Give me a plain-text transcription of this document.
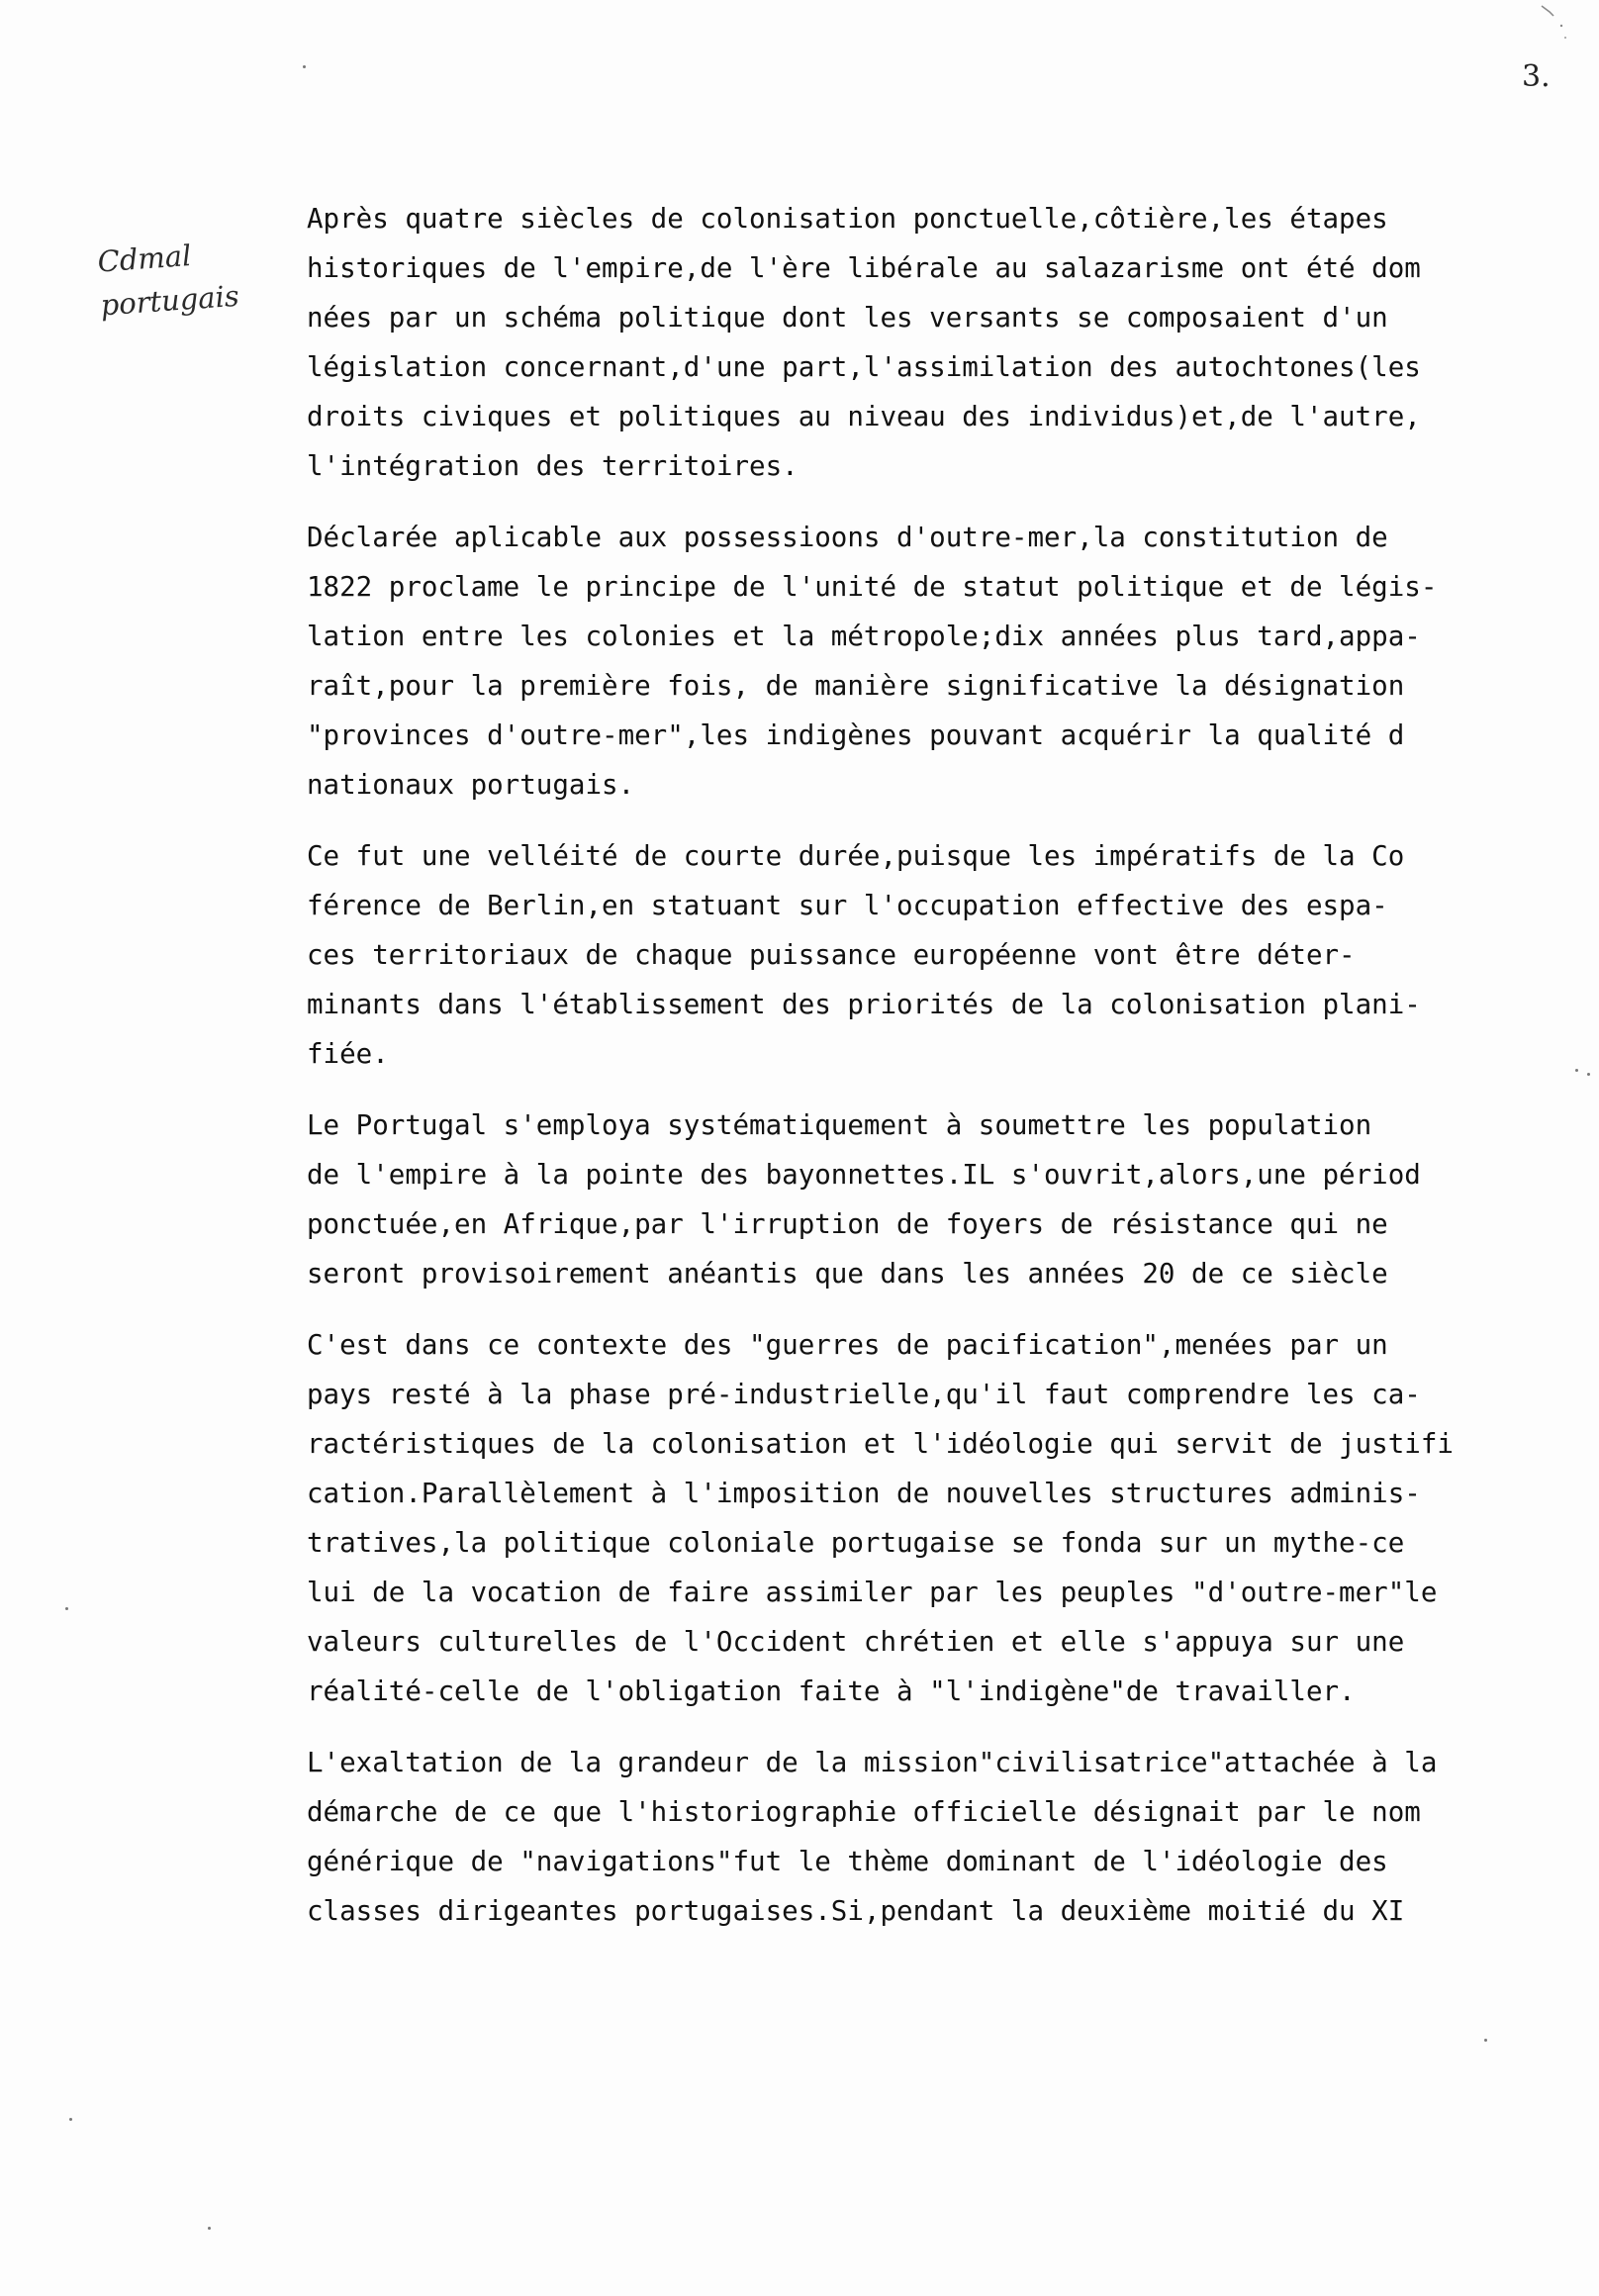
3.
Cdmal
portugais
Après quatre siècles de colonisation ponctuelle,côtière,les étapes
historiques de l'empire,de l'ère libérale au salazarisme ont été dom
nées par un schéma politique dont les versants se composaient d'un
législation concernant,d'une part,l'assimilation des autochtones(les
droits civiques et politiques au niveau des individus)et,de l'autre,
l'intégration des territoires.
Déclarée aplicable aux possessioons d'outre-mer,la constitution de
1822 proclame le principe de l'unité de statut politique et de légis-
lation entre les colonies et la métropole;dix années plus tard,appa-
raît,pour la première fois, de manière significative la désignation
"provinces d'outre-mer",les indigènes pouvant acquérir la qualité d
nationaux portugais.
Ce fut une velléité de courte durée,puisque les impératifs de la Co
férence de Berlin,en statuant sur l'occupation effective des espa-
ces territoriaux de chaque puissance européenne vont être déter-
minants dans l'établissement des priorités de la colonisation plani-
fiée.
Le Portugal s'employa systématiquement à soumettre les population
de l'empire à la pointe des bayonnettes.IL s'ouvrit,alors,une périod
ponctuée,en Afrique,par l'irruption de foyers de résistance qui ne
seront provisoirement anéantis que dans les années 20 de ce siècle
C'est dans ce contexte des "guerres de pacification",menées par un
pays resté à la phase pré-industrielle,qu'il faut comprendre les ca-
ractéristiques de la colonisation et l'idéologie qui servit de justifi
cation.Parallèlement à l'imposition de nouvelles structures adminis-
tratives,la politique coloniale portugaise se fonda sur un mythe-ce
lui de la vocation de faire assimiler par les peuples "d'outre-mer"le
valeurs culturelles de l'Occident chrétien et elle s'appuya sur une
réalité-celle de l'obligation faite à "l'indigène"de travailler.
L'exaltation de la grandeur de la mission"civilisatrice"attachée à la
démarche de ce que l'historiographie officielle désignait par le nom
générique de "navigations"fut le thème dominant de l'idéologie des
classes dirigeantes portugaises.Si,pendant la deuxième moitié du XI
